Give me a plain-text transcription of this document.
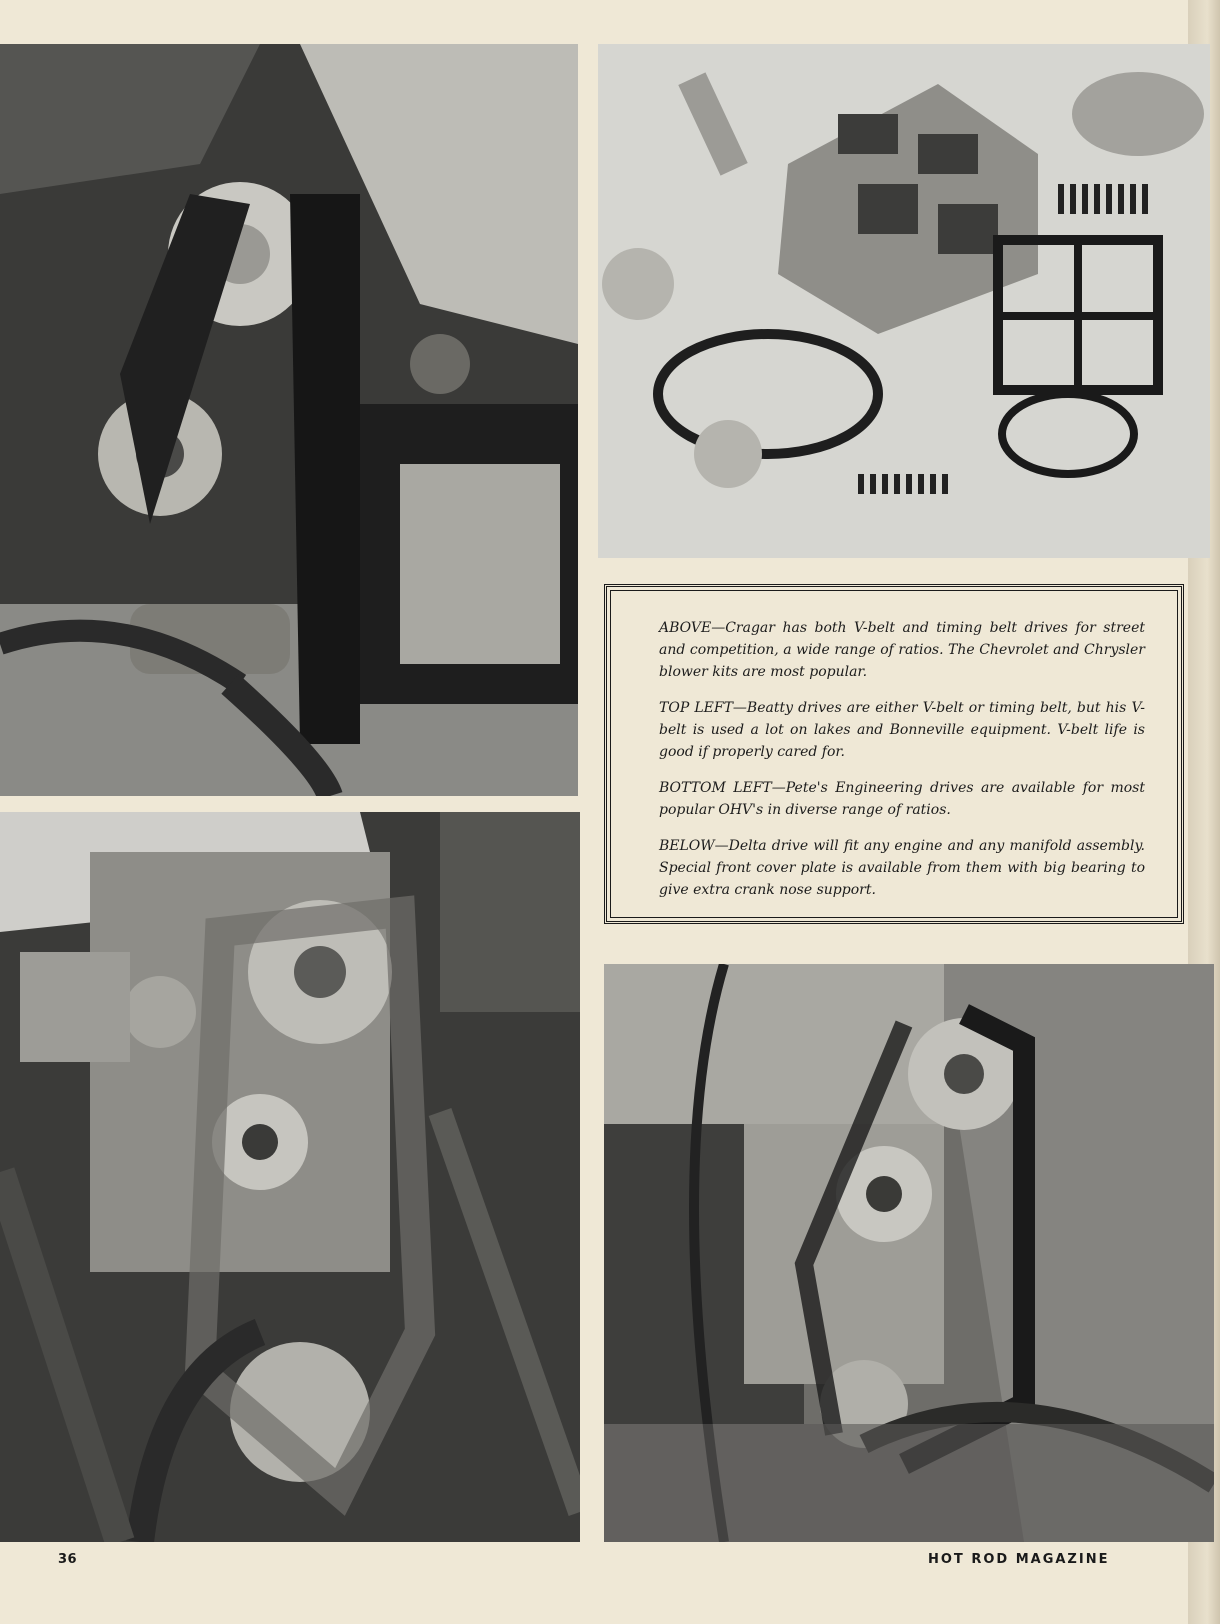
ABOVE—Cragar has both V-belt and timing belt drives for street and competition, a wide range of ratios. The Chevrolet and Chrysler blower kits are most popular.

TOP LEFT—Beatty drives are either V-belt or timing belt, but his V-belt is used a lot on lakes and Bonneville equipment. V-belt life is good if properly cared for.

BOTTOM LEFT—Pete's Engineering drives are available for most popular OHV's in diverse range of ratios.

BELOW—Delta drive will fit any engine and any manifold assembly. Special front cover plate is available from them with big bearing to give extra crank nose support.

36	HOT ROD MAGAZINE
